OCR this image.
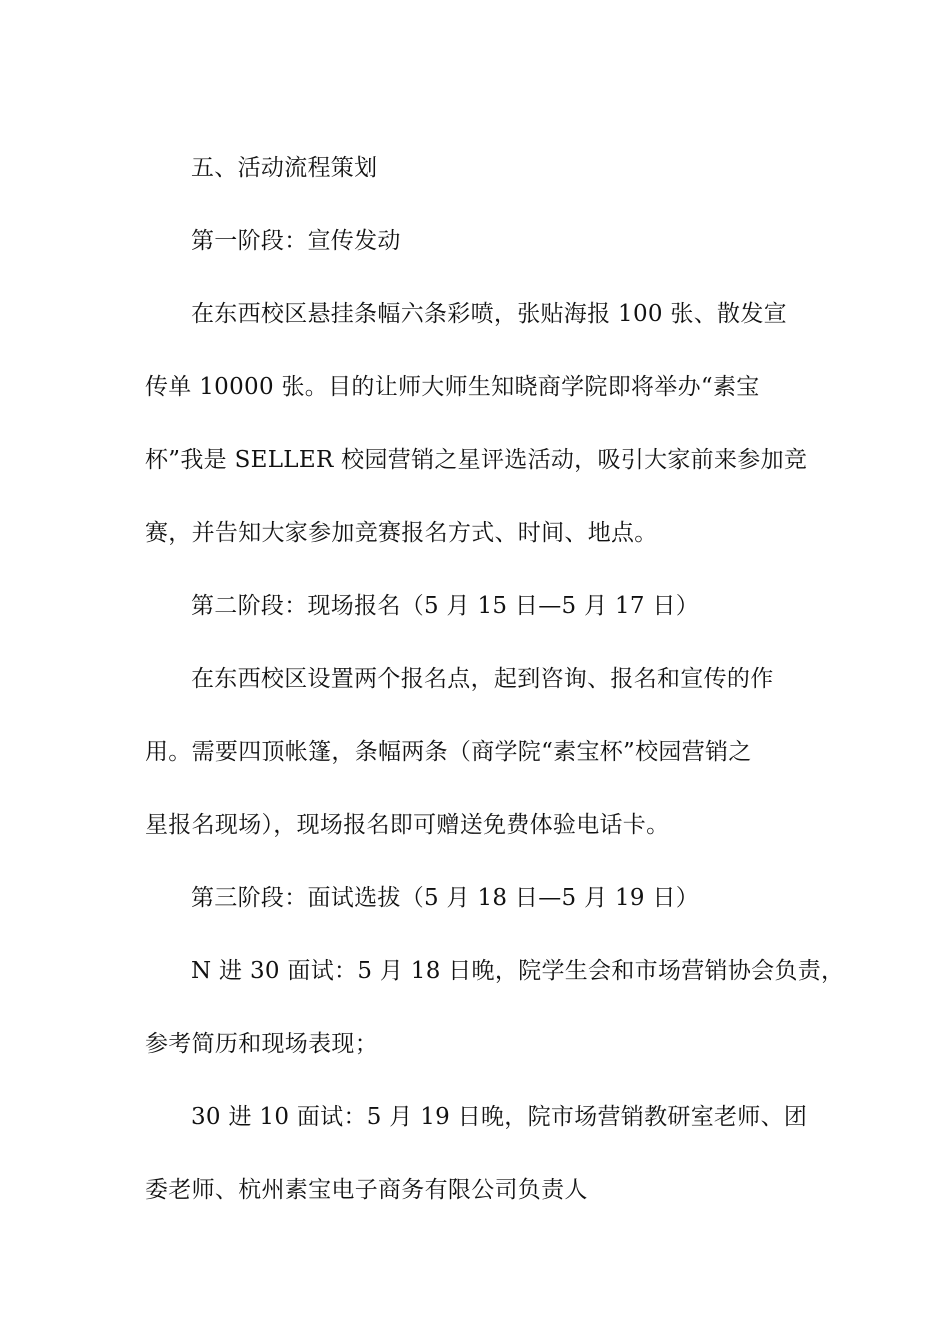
五、活动流程策划
第一阶段：宣传发动
在东西校区悬挂条幅六条彩喷，张贴海报 100 张、散发宣
传单 10000 张。目的让师大师生知晓商学院即将举办“素宝
杯”我是 SELLER 校园营销之星评选活动，吸引大家前来参加竞
赛，并告知大家参加竞赛报名方式、时间、地点。
第二阶段：现场报名（5 月 15 日—5 月 17 日）
在东西校区设置两个报名点，起到咨询、报名和宣传的作
用。需要四顶帐篷，条幅两条（商学院“素宝杯”校园营销之
星报名现场），现场报名即可赠送免费体验电话卡。
第三阶段：面试选拔（5 月 18 日—5 月 19 日）
N 进 30 面试：5 月 18 日晚，院学生会和市场营销协会负责，
参考简历和现场表现；
30 进 10 面试：5 月 19 日晚，院市场营销教研室老师、团
委老师、杭州素宝电子商务有限公司负责人
